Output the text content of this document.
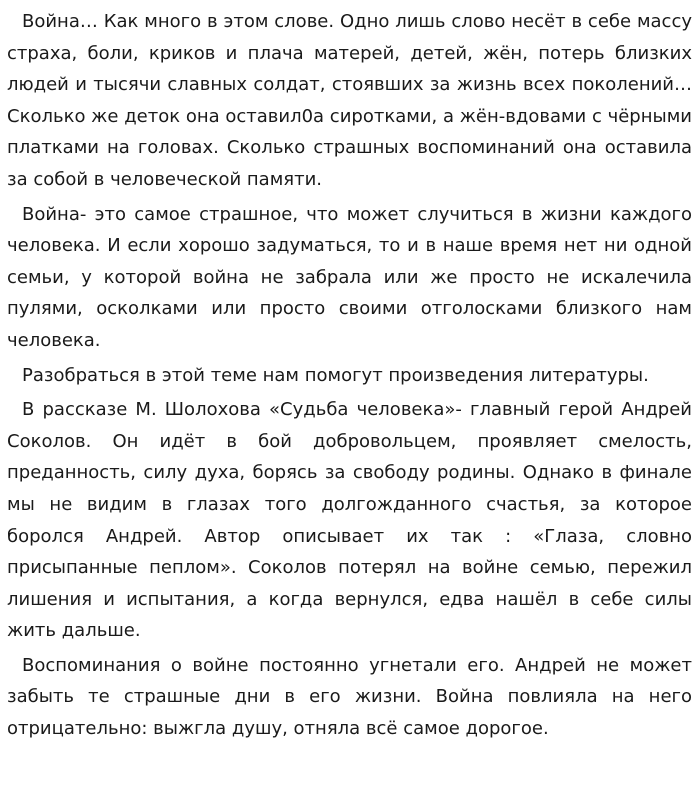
Война… Как много в этом слове. Одно лишь слово несёт в себе массу страха, боли, криков и плача матерей, детей, жён, потерь близких людей и тысячи славных солдат, стоявших за жизнь всех поколений…Сколько же деток она оставил0а сиротками, а жён-вдовами с чёрными платками на головах. Сколько страшных воспоминаний она оставила за собой в человеческой памяти.

Война- это самое страшное, что может случиться в жизни каждого человека. И если хорошо задуматься, то и в наше время нет ни одной семьи, у которой война не забрала или же просто не искалечила пулями, осколками или просто своими отголосками близкого нам человека.

Разобраться в этой теме нам помогут произведения литературы.

В рассказе М. Шолохова «Судьба человека»- главный герой Андрей Соколов. Он идёт в бой добровольцем, проявляет смелость, преданность, силу духа, борясь за свободу родины. Однако в финале мы не видим в глазах того долгожданного счастья, за которое боролся Андрей. Автор описывает их так : «Глаза, словно присыпанные пеплом». Соколов потерял на войне семью, пережил лишения и испытания, а когда вернулся, едва нашёл в себе силы жить дальше.

Воспоминания о войне постоянно угнетали его. Андрей не может забыть те страшные дни в его жизни. Война повлияла на него отрицательно: выжгла душу, отняла всё самое дорогое.
